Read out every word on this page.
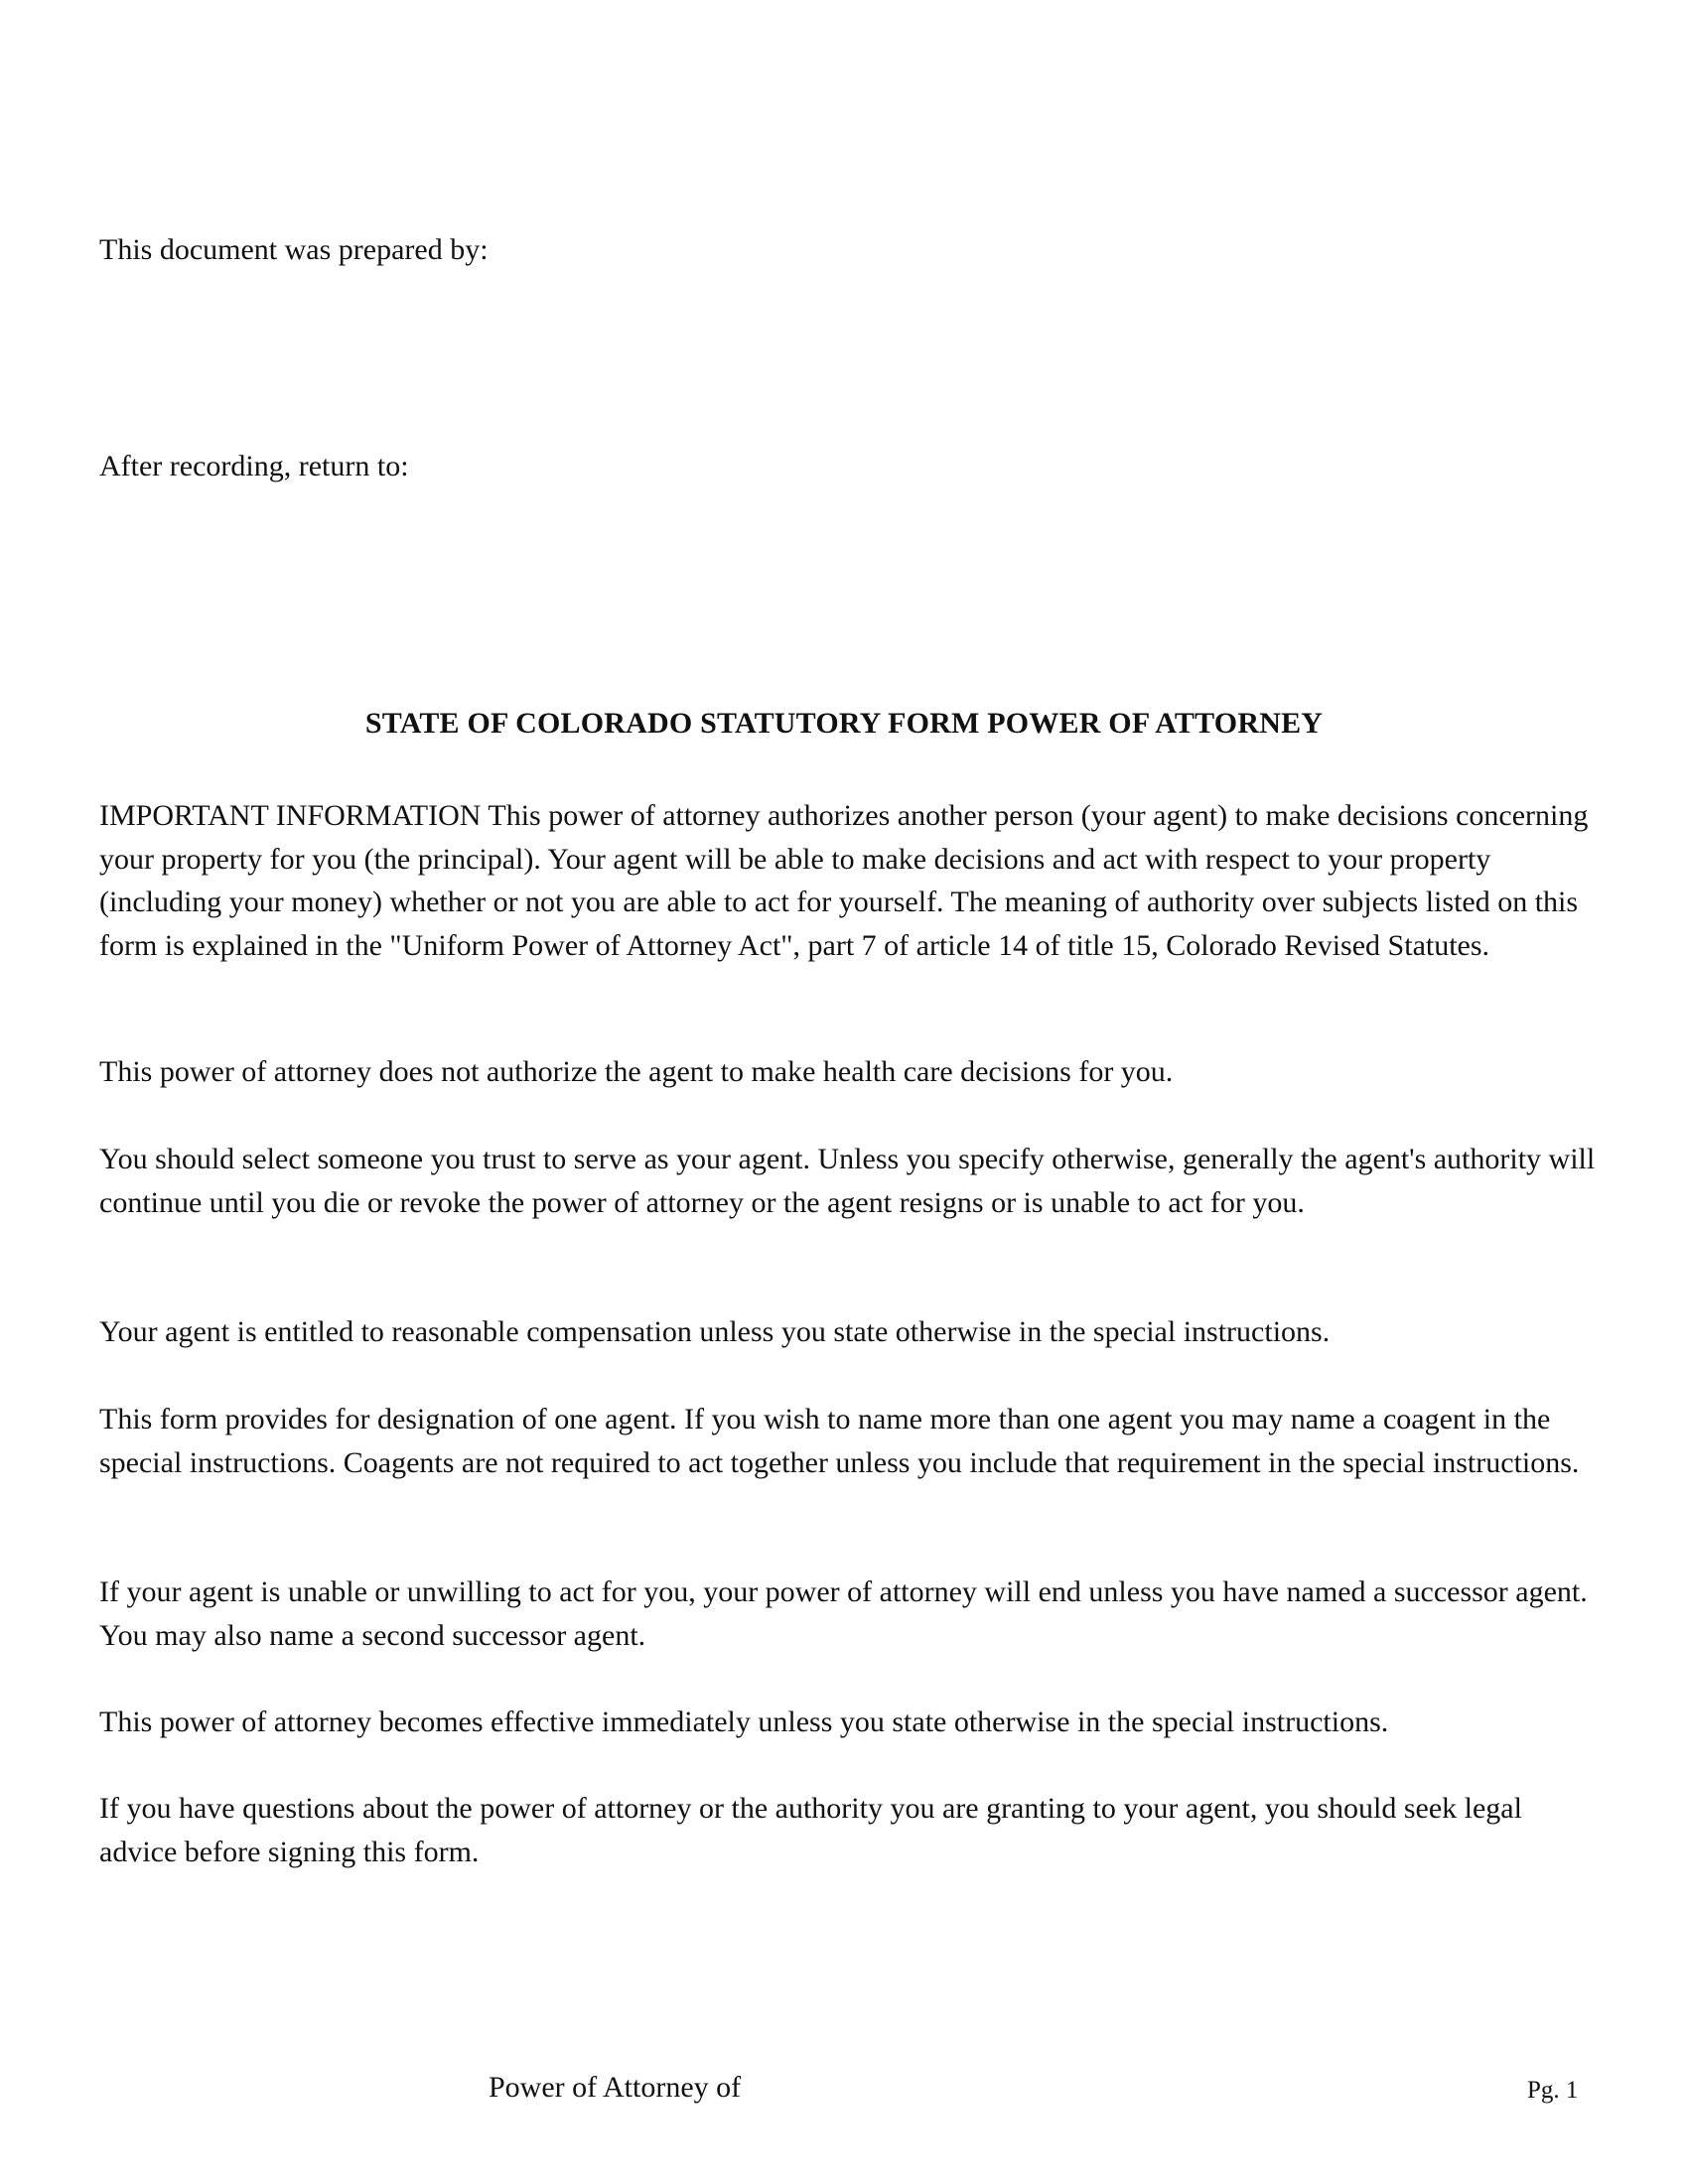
This document was prepared by:

After recording, return to:

STATE OF COLORADO STATUTORY FORM POWER OF ATTORNEY

IMPORTANT INFORMATION This power of attorney authorizes another person (your agent) to make decisions concerning your property for you (the principal). Your agent will be able to make decisions and act with respect to your property (including your money) whether or not you are able to act for yourself. The meaning of authority over subjects listed on this form is explained in the "Uniform Power of Attorney Act", part 7 of article 14 of title 15, Colorado Revised Statutes.

This power of attorney does not authorize the agent to make health care decisions for you.

You should select someone you trust to serve as your agent. Unless you specify otherwise, generally the agent's authority will continue until you die or revoke the power of attorney or the agent resigns or is unable to act for you.

Your agent is entitled to reasonable compensation unless you state otherwise in the special instructions.

This form provides for designation of one agent. If you wish to name more than one agent you may name a coagent in the special instructions. Coagents are not required to act together unless you include that requirement in the special instructions.

If your agent is unable or unwilling to act for you, your power of attorney will end unless you have named a successor agent. You may also name a second successor agent.

This power of attorney becomes effective immediately unless you state otherwise in the special instructions.

If you have questions about the power of attorney or the authority you are granting to your agent, you should seek legal advice before signing this form.

Power of Attorney of	Pg. 1
